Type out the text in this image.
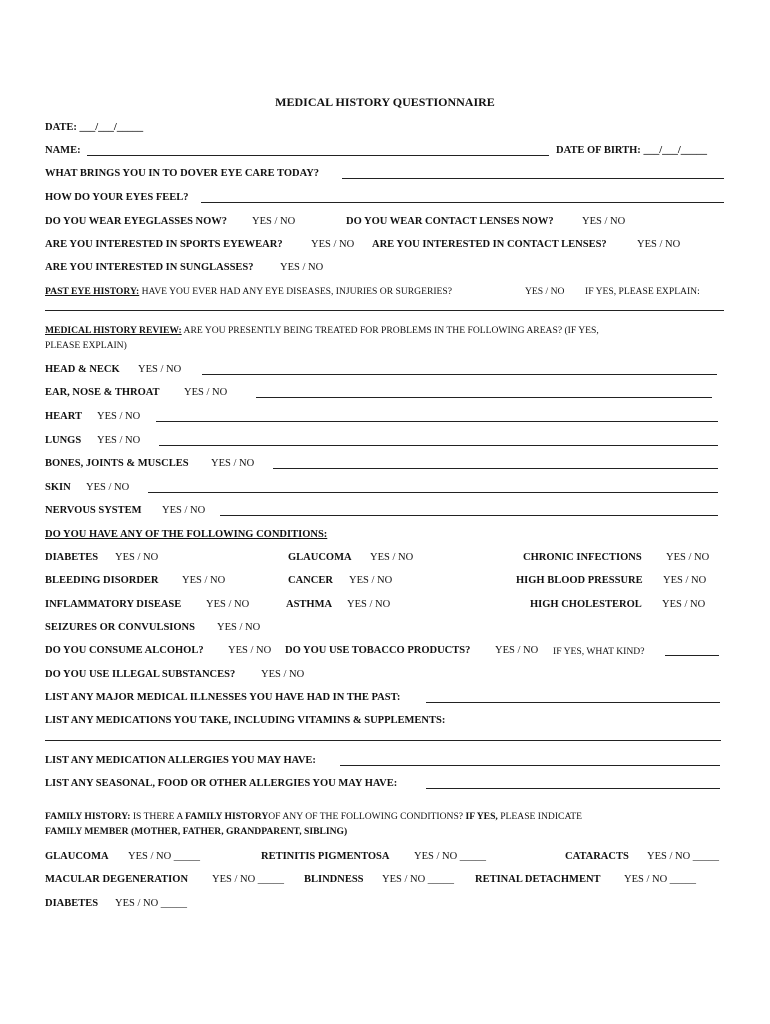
MEDICAL HISTORY QUESTIONNAIRE
DATE: ___/___/_____
NAME:	DATE OF BIRTH: ___/___/_____
WHAT BRINGS YOU IN TO DOVER EYE CARE TODAY?
HOW DO YOUR EYES FEEL?
DO YOU WEAR EYEGLASSES NOW? YES / NO	DO YOU WEAR CONTACT LENSES NOW?	YES / NO
ARE YOU INTERESTED IN SPORTS EYEWEAR?	YES / NO ARE YOU INTERESTED IN CONTACT LENSES?	YES / NO
ARE YOU INTERESTED IN SUNGLASSES?	YES / NO
PAST EYE HISTORY: HAVE YOU EVER HAD ANY EYE DISEASES, INJURIES OR SURGERIES?	YES / NO IF YES, PLEASE EXPLAIN:
MEDICAL HISTORY REVIEW: ARE YOU PRESENTLY BEING TREATED FOR PROBLEMS IN THE FOLLOWING AREAS? (IF YES,
PLEASE EXPLAIN)
HEAD & NECK YES / NO
EAR, NOSE & THROAT YES / NO
HEART YES / NO
LUNGS YES / NO
BONES, JOINTS & MUSCLES YES / NO
SKIN YES / NO
NERVOUS SYSTEM YES / NO
DO YOU HAVE ANY OF THE FOLLOWING CONDITIONS:
DIABETES YES / NO	GLAUCOMA YES / NO	CHRONIC INFECTIONS YES / NO
BLEEDING DISORDER YES / NO	CANCER YES / NO	HIGH BLOOD PRESSURE YES / NO
INFLAMMATORY DISEASE YES / NO	ASTHMA YES / NO	HIGH CHOLESTEROL YES / NO
SEIZURES OR CONVULSIONS YES / NO
DO YOU CONSUME ALCOHOL? YES / NO DO YOU USE TOBACCO PRODUCTS? YES / NO IF YES, WHAT KIND?
DO YOU USE ILLEGAL SUBSTANCES? YES / NO
LIST ANY MAJOR MEDICAL ILLNESSES YOU HAVE HAD IN THE PAST:
LIST ANY MEDICATIONS YOU TAKE, INCLUDING VITAMINS & SUPPLEMENTS:
LIST ANY MEDICATION ALLERGIES YOU MAY HAVE:
LIST ANY SEASONAL, FOOD OR OTHER ALLERGIES YOU MAY HAVE:
FAMILY HISTORY: IS THERE A FAMILY HISTORYOF ANY OF THE FOLLOWING CONDITIONS? IF YES, PLEASE INDICATE
FAMILY MEMBER (MOTHER, FATHER, GRANDPARENT, SIBLING)
GLAUCOMA YES / NO _____	RETINITIS PIGMENTOSA YES / NO _____	CATARACTS YES / NO _____
MACULAR DEGENERATION YES / NO _____ BLINDNESS YES / NO _____ RETINAL DETACHMENT YES / NO _____
DIABETES YES / NO _____
